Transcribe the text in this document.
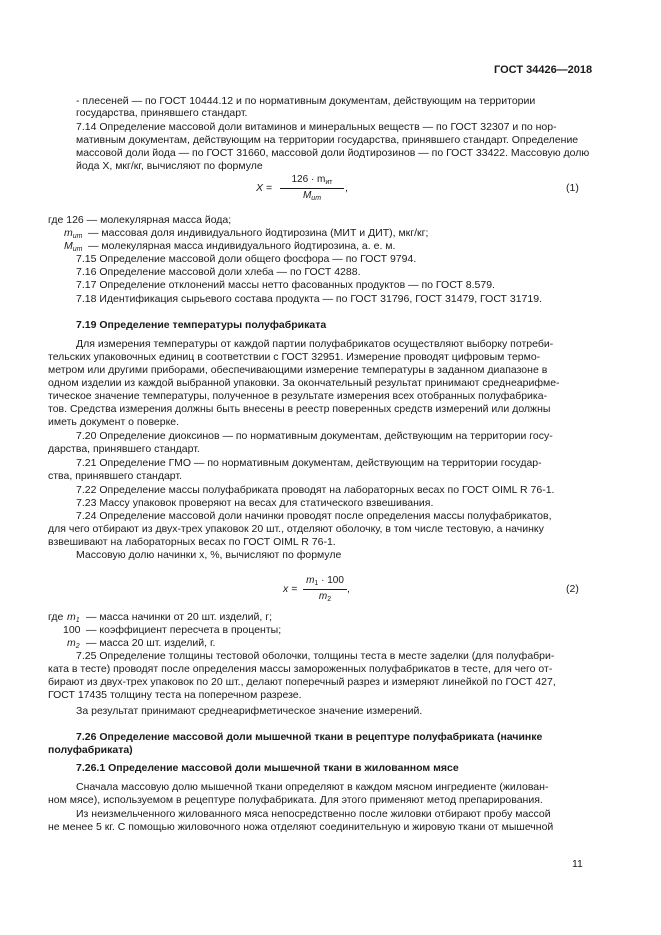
ГОСТ 34426—2018
- плесеней — по ГОСТ 10444.12 и по нормативным документам, действующим на территории
государства, принявшего стандарт.
7.14 Определение массовой доли витаминов и минеральных веществ — по ГОСТ 32307 и по нор-
мативным документам, действующим на территории государства, принявшего стандарт. Определение
массовой доли йода — по ГОСТ 31660, массовой доли йодтирозинов — по ГОСТ 33422. Массовую долю
йода X, мкг/кг, вычисляют по формуле
X =
$126 \cdot m_{ит}$
$M_{ит}$
,	(1)
где 126 — молекулярная масса йода;
$m_{ит}$ — массовая доля индивидуального йодтирозина (МИТ и ДИТ), мкг/кг;
$M_{ит}$ — молекулярная масса индивидуального йодтирозина, а. е. м.
7.15 Определение массовой доли общего фосфора — по ГОСТ 9794.
7.16 Определение массовой доли хлеба — по ГОСТ 4288.
7.17 Определение отклонений массы нетто фасованных продуктов — по ГОСТ 8.579.
7.18 Идентификация сырьевого состава продукта — по ГОСТ 31796, ГОСТ 31479, ГОСТ 31719.
7.19 Определение температуры полуфабриката
Для измерения температуры от каждой партии полуфабрикатов осуществляют выборку потреби-
тельских упаковочных единиц в соответствии с ГОСТ 32951. Измерение проводят цифровым термо-
метром или другими приборами, обеспечивающими измерение температуры в заданном диапазоне в
одном изделии из каждой выбранной упаковки. За окончательный результат принимают среднеарифме-
тическое значение температуры, полученное в результате измерения всех отобранных полуфабрика-
тов. Средства измерения должны быть внесены в реестр поверенных средств измерений или должны
иметь документ о поверке.
7.20 Определение диоксинов — по нормативным документам, действующим на территории госу-
дарства, принявшего стандарт.
7.21 Определение ГМО — по нормативным документам, действующим на территории государ-
ства, принявшего стандарт.
7.22 Определение массы полуфабриката проводят на лабораторных весах по ГОСТ OIML R 76-1.
7.23 Массу упаковок проверяют на весах для статического взвешивания.
7.24 Определение массовой доли начинки проводят после определения массы полуфабрикатов,
для чего отбирают из двух-трех упаковок 20 шт., отделяют оболочку, в том числе тестовую, а начинку
взвешивают на лабораторных весах по ГОСТ OIML R 76-1.
Массовую долю начинки x, %, вычисляют по формуле
x =
$m_1 \cdot 100$
$m_2$
,	(2)
где $m_1$ — масса начинки от 20 шт. изделий, г;
100 — коэффициент пересчета в проценты;
$m_2$ — масса 20 шт. изделий, г.
7.25 Определение толщины тестовой оболочки, толщины теста в месте заделки (для полуфабри-
ката в тесте) проводят после определения массы замороженных полуфабрикатов в тесте, для чего от-
бирают из двух-трех упаковок по 20 шт., делают поперечный разрез и измеряют линейкой по ГОСТ 427,
ГОСТ 17435 толщину теста на поперечном разрезе.
За результат принимают среднеарифметическое значение измерений.
7.26 Определение массовой доли мышечной ткани в рецептуре полуфабриката (начинке
полуфабриката)
7.26.1 Определение массовой доли мышечной ткани в жилованном мясе
Сначала массовую долю мышечной ткани определяют в каждом мясном ингредиенте (жилован-
ном мясе), используемом в рецептуре полуфабриката. Для этого применяют метод препарирования.
Из неизмельченного жилованного мяса непосредственно после жиловки отбирают пробу массой
не менее 5 кг. С помощью жиловочного ножа отделяют соединительную и жировую ткани от мышечной
11
